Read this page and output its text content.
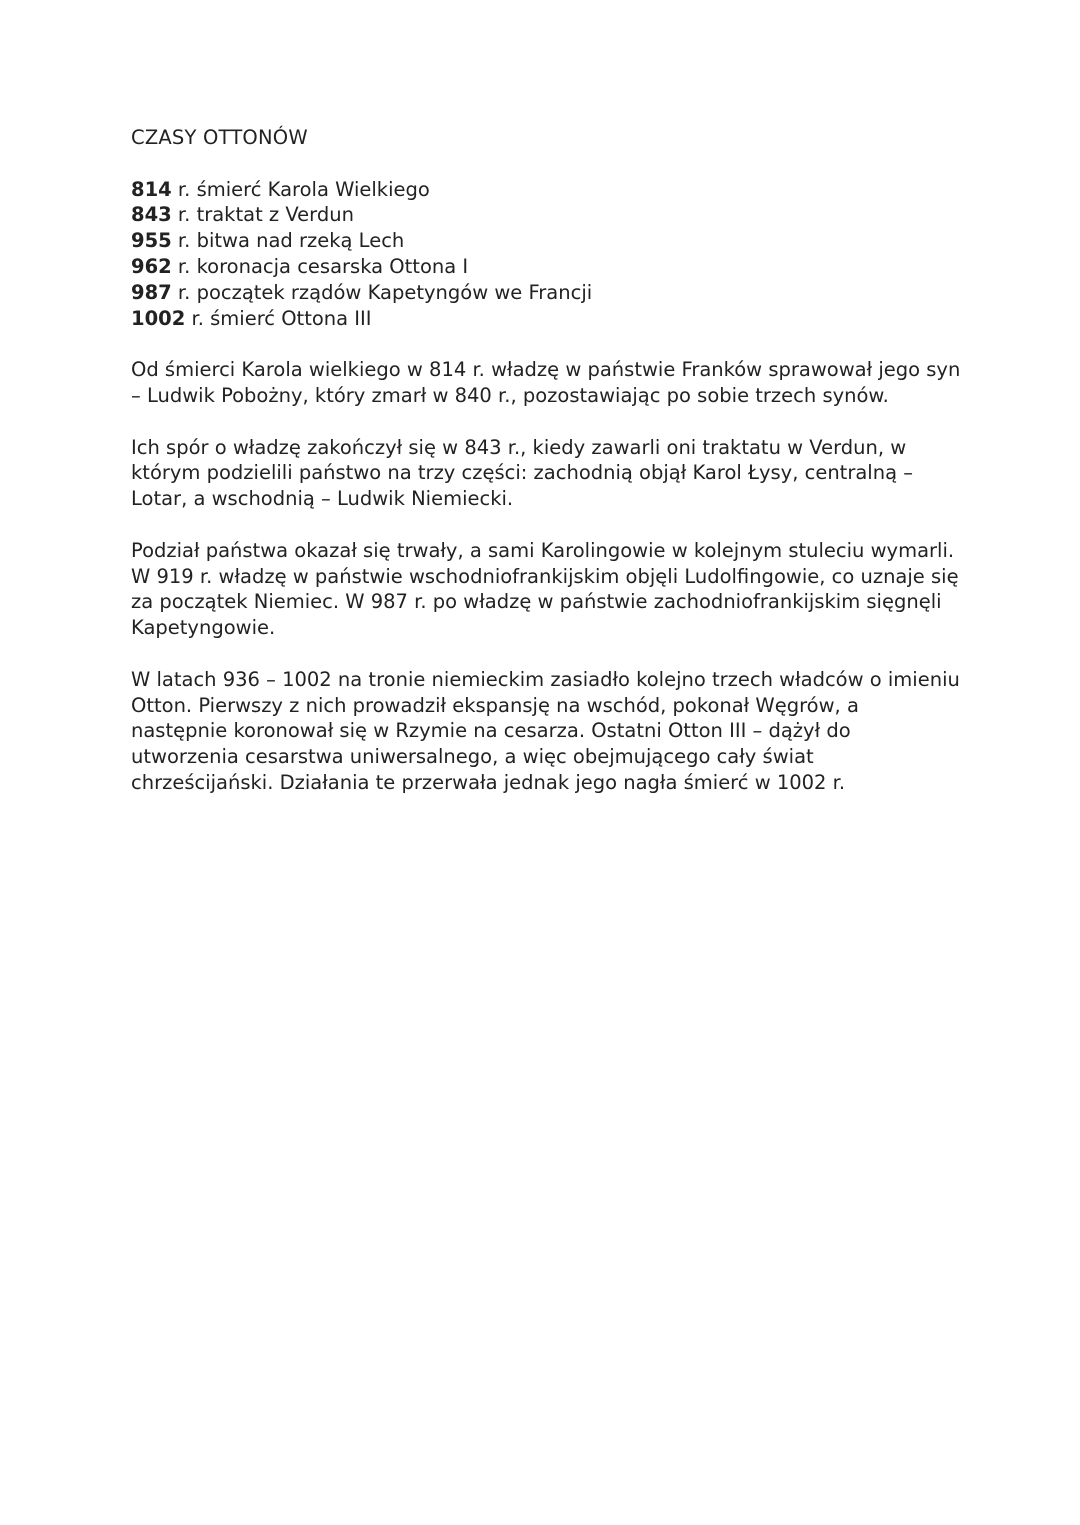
CZASY OTTONÓW
814 r. śmierć Karola Wielkiego
843 r. traktat z Verdun
955 r. bitwa nad rzeką Lech
962 r. koronacja cesarska Ottona I
987 r. początek rządów Kapetyngów we Francji
1002 r. śmierć Ottona III

Od śmierci Karola wielkiego w 814 r. władzę w państwie Franków sprawował jego syn – Ludwik Pobożny, który zmarł w 840 r., pozostawiając po sobie trzech synów.

Ich spór o władzę zakończył się w 843 r., kiedy zawarli oni traktatu w Verdun, w którym podzielili państwo na trzy części: zachodnią objął Karol Łysy, centralną – Lotar, a wschodnią – Ludwik Niemiecki.

Podział państwa okazał się trwały, a sami Karolingowie w kolejnym stuleciu wymarli. W 919 r. władzę w państwie wschodniofrankijskim objęli Ludolfingowie, co uznaje się za początek Niemiec. W 987 r. po władzę w państwie zachodniofrankijskim sięgnęli Kapetyngowie.

W latach 936 – 1002 na tronie niemieckim zasiadło kolejno trzech władców o imieniu Otton. Pierwszy z nich prowadził ekspansję na wschód, pokonał Węgrów, a następnie koronował się w Rzymie na cesarza. Ostatni Otton III – dążył do utworzenia cesarstwa uniwersalnego, a więc obejmującego cały świat chrześcijański. Działania te przerwała jednak jego nagła śmierć w 1002 r.
